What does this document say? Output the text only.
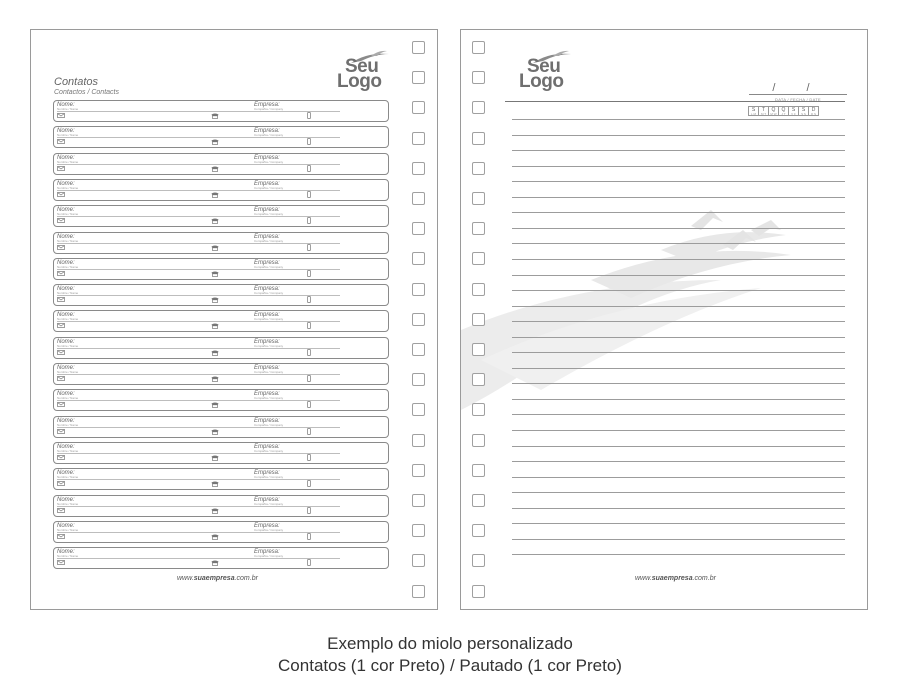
Seu
Logo
Contatos
Contactos / Contacts
Nome:
Nombre / Name
Empresa:
Compañía / Company
Nome:
Nombre / Name
Empresa:
Compañía / Company
Nome:
Nombre / Name
Empresa:
Compañía / Company
Nome:
Nombre / Name
Empresa:
Compañía / Company
Nome:
Nombre / Name
Empresa:
Compañía / Company
Nome:
Nombre / Name
Empresa:
Compañía / Company
Nome:
Nombre / Name
Empresa:
Compañía / Company
Nome:
Nombre / Name
Empresa:
Compañía / Company
Nome:
Nombre / Name
Empresa:
Compañía / Company
Nome:
Nombre / Name
Empresa:
Compañía / Company
Nome:
Nombre / Name
Empresa:
Compañía / Company
Nome:
Nombre / Name
Empresa:
Compañía / Company
Nome:
Nombre / Name
Empresa:
Compañía / Company
Nome:
Nombre / Name
Empresa:
Compañía / Company
Nome:
Nombre / Name
Empresa:
Compañía / Company
Nome:
Nombre / Name
Empresa:
Compañía / Company
Nome:
Nombre / Name
Empresa:
Compañía / Company
Nome:
Nombre / Name
Empresa:
Compañía / Company
www.suaempresa.com.br
Seu
Logo	/ /
DATA / FECHA / DATE
S
L M
T
M T
Q
M W
Q
J T
S
V F
S
S S
D
D S
www.suaempresa.com.br
Exemplo do miolo personalizado
Contatos (1 cor Preto) / Pautado (1 cor Preto)
